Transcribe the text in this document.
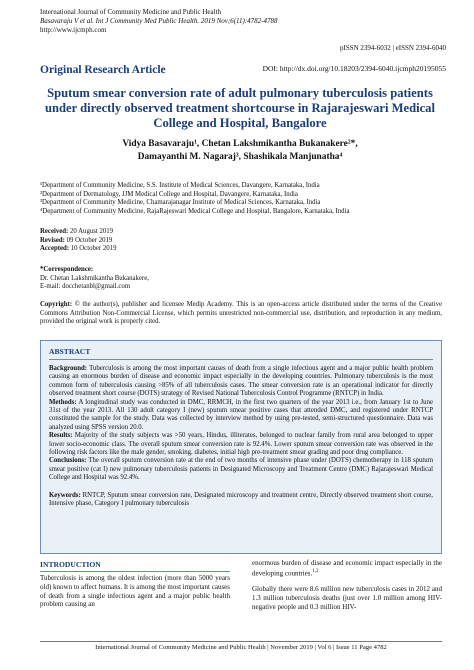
International Journal of Community Medicine and Public Health
Basavaraju V et al. Int J Community Med Public Health. 2019 Nov;6(11):4782-4788
http://www.ijcmph.com
pISSN 2394-6032 | eISSN 2394-6040
Original Research Article	DOI: http://dx.doi.org/10.18203/2394-6040.ijcmph20195055
Sputum smear conversion rate of adult pulmonary tuberculosis patients under directly observed treatment shortcourse in Rajarajeswari Medical College and Hospital, Bangalore
Vidya Basavaraju¹, Chetan Lakshmikantha Bukanakere²*,
Damayanthi M. Nagaraj³, Shashikala Manjunatha⁴
¹Department of Community Medicine, S.S. Institute of Medical Sciences, Davangere, Karnataka, India
²Department of Dermatology, JJM Medical College and Hospital, Davangere, Karnataka, India
³Department of Community Medicine, Chamarajanagar Institute of Medical Sciences, Karnataka, India
⁴Department of Community Medicine, RajaRajeswari Medical College and Hospital, Bangalore, Karnataka, India
Received: 20 August 2019
Revised: 09 October 2019
Accepted: 10 October 2019
*Correspondence:
Dr. Chetan Lakshmikantha Bukanakere,
E-mail: docchetanbl@gmail.com
Copyright: © the author(s), publisher and licensee Medip Academy. This is an open-access article distributed under the terms of the Creative Commons Attribution Non-Commercial License, which permits unrestricted non-commercial use, distribution, and reproduction in any medium, provided the original work is properly cited.
ABSTRACT

Background: Tuberculosis is among the most important causes of death from a single infectious agent and a major public health problem causing an enormous burden of disease and economic impact especially in the developing countries. Pulmonary tuberculosis is the most common form of tuberculosis causing >85% of all tuberculosis cases. The smear conversion rate is an operational indicator for directly observed treatment short course (DOTS) strategy of Revised National Tuberculosis Control Programme (RNTCP) in India.

Methods: A longitudinal study was conducted in DMC, RRMCH, in the first two quarters of the year 2013 i.e., from January 1st to June 31st of the year 2013. All 130 adult category I (new) sputum smear positive cases that attended DMC, and registered under RNTCP constituted the sample for the study. Data was collected by interview method by using pre-tested, semi-structured questionnaire. Data was analyzed using SPSS version 20.0.

Results: Majority of the study subjects was >50 years, Hindus, illiterates, belonged to nuclear family from rural area belonged to upper lower socio-economic class. The overall sputum smear conversion rate is 92.4%. Lower sputum smear conversion rate was observed in the following risk factors like the male gender, smoking, diabetes, initial high pre-treatment smear grading and poor drug compliance.

Conclusions: The overall sputum conversion rate at the end of two months of intensive phase under (DOTS) chemotherapy in 118 sputum smear positive (cat I) new pulmonary tuberculosis patients in Designated Microscopy and Treatment Centre (DMC) Rajarajeswari Medical College and Hospital was 92.4%.

Keywords: RNTCP, Sputum smear conversion rate, Designated microscopy and treatment centre, Directly observed treatment short course, Intensive phase, Category I pulmonary tuberculosis

INTRODUCTION
Tuberculosis is among the oldest infection (more than 5000 years old) known to affect humans. It is among the most important causes of death from a single infectious agent and a major public health problem causing an

enormous burden of disease and economic impact especially in the developing countries.$^{1,2}$

Globally there were 8.6 million new tuberculosis cases in 2012 and 1.3 million tuberculosis deaths (just over 1.0 million among HIV-negative people and 0.3 million HIV-

International Journal of Community Medicine and Public Health | November 2019 | Vol 6 | Issue 11 Page 4782
